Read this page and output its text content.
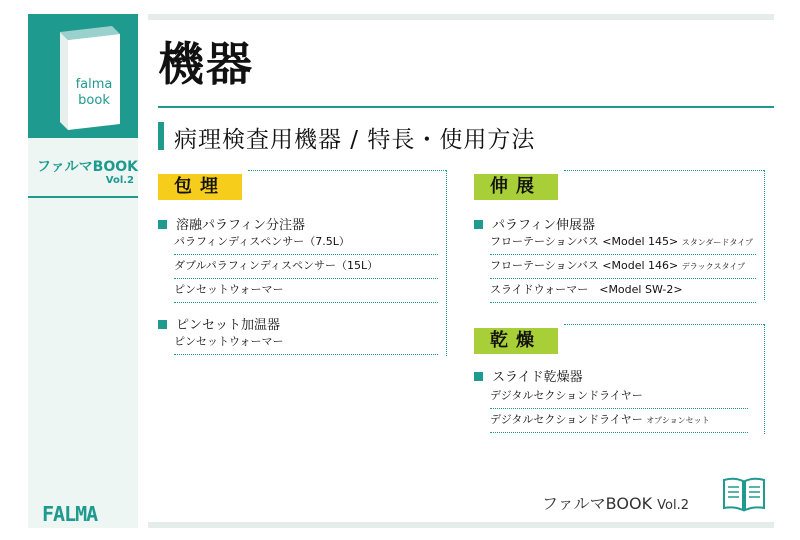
falma
book
ファルマBOOK
Vol.2
FALMA
機器
病理検査用機器 / 特長・使用方法
包埋
溶融パラフィン分注器
パラフィンディスペンサー（7.5L）
ダブルパラフィンディスペンサー（15L）
ピンセットウォーマー
ピンセット加温器
ピンセットウォーマー
伸展
パラフィン伸展器
フローテーションバス <Model 145> スタンダードタイプ
フローテーションバス <Model 146> デラックスタイプ
スライドウォーマー　<Model SW-2>
乾燥
スライド乾燥器
デジタルセクションドライヤー
デジタルセクションドライヤー オプションセット
ファルマBOOK Vol.2
